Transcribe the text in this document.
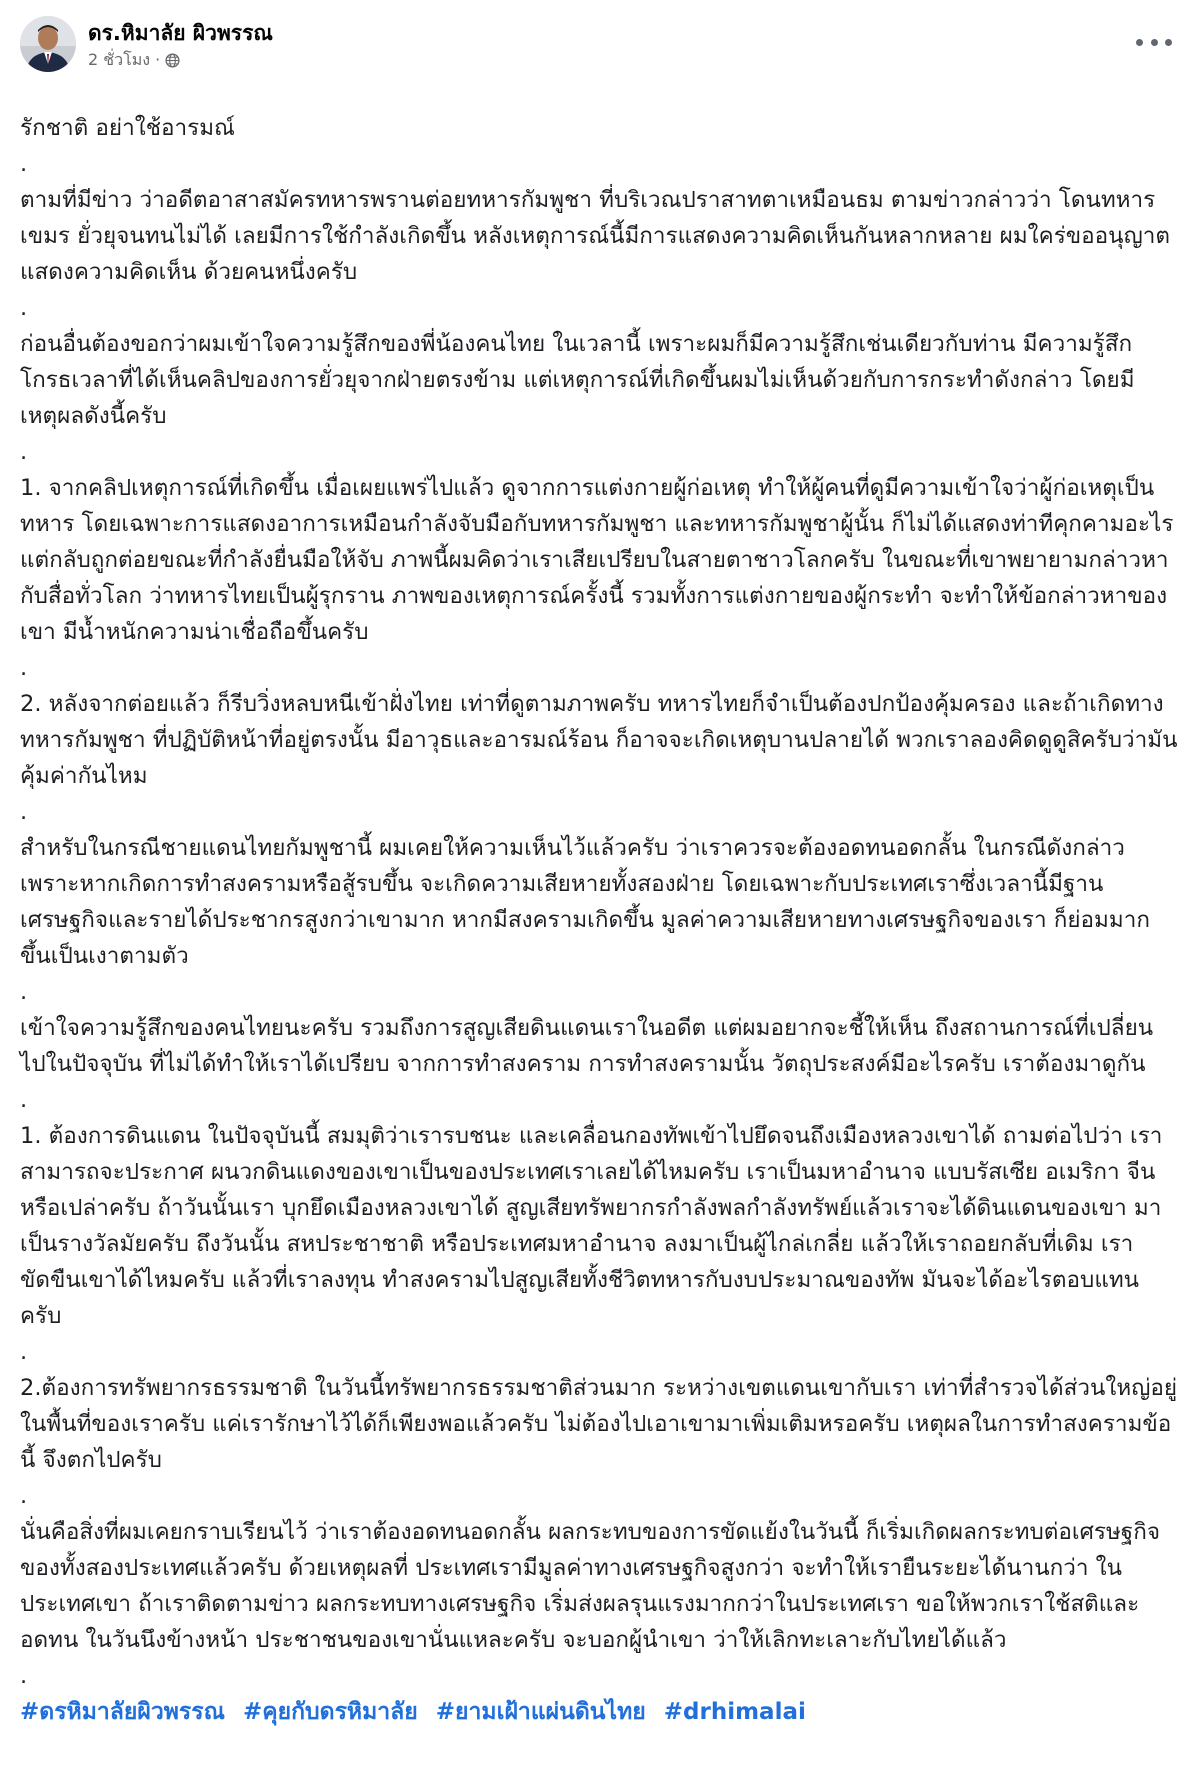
ดร.หิมาลัย ผิวพรรณ
2 ชั่วโมง ·

รักชาติ อย่าใช้อารมณ์

.

ตามที่มีข่าว ว่าอดีตอาสาสมัครทหารพรานต่อยทหารกัมพูชา ที่บริเวณปราสาทตาเหมือนธม ตามข่าวกล่าวว่า โดนทหารเขมร ยั่วยุจนทนไม่ได้ เลยมีการใช้กำลังเกิดขึ้น หลังเหตุการณ์นี้มีการแสดงความคิดเห็นกันหลากหลาย ผมใคร่ขออนุญาตแสดงความคิดเห็น ด้วยคนหนึ่งครับ

.

ก่อนอื่นต้องขอกว่าผมเข้าใจความรู้สึกของพี่น้องคนไทย ในเวลานี้ เพราะผมก็มีความรู้สึกเช่นเดียวกับท่าน มีความรู้สึกโกรธเวลาที่ได้เห็นคลิปของการยั่วยุจากฝ่ายตรงข้าม แต่เหตุการณ์ที่เกิดขึ้นผมไม่เห็นด้วยกับการกระทำดังกล่าว โดยมีเหตุผลดังนี้ครับ

.

1. จากคลิปเหตุการณ์ที่เกิดขึ้น เมื่อเผยแพร่ไปแล้ว ดูจากการแต่งกายผู้ก่อเหตุ ทำให้ผู้คนที่ดูมีความเข้าใจว่าผู้ก่อเหตุเป็นทหาร โดยเฉพาะการแสดงอาการเหมือนกำลังจับมือกับทหารกัมพูชา และทหารกัมพูชาผู้นั้น ก็ไม่ได้แสดงท่าทีคุกคามอะไร แต่กลับถูกต่อยขณะที่กำลังยื่นมือให้จับ ภาพนี้ผมคิดว่าเราเสียเปรียบในสายตาชาวโลกครับ ในขณะที่เขาพยายามกล่าวหากับสื่อทั่วโลก ว่าทหารไทยเป็นผู้รุกราน ภาพของเหตุการณ์ครั้งนี้ รวมทั้งการแต่งกายของผู้กระทำ จะทำให้ข้อกล่าวหาของเขา มีน้ำหนักความน่าเชื่อถือขึ้นครับ

.

2. หลังจากต่อยแล้ว ก็รีบวิ่งหลบหนีเข้าฝั่งไทย เท่าที่ดูตามภาพครับ ทหารไทยก็จำเป็นต้องปกป้องคุ้มครอง และถ้าเกิดทางทหารกัมพูชา ที่ปฏิบัติหน้าที่อยู่ตรงนั้น มีอาวุธและอารมณ์ร้อน ก็อาจจะเกิดเหตุบานปลายได้ พวกเราลองคิดดูดูสิครับว่ามันคุ้มค่ากันไหม

.

สำหรับในกรณีชายแดนไทยกัมพูชานี้ ผมเคยให้ความเห็นไว้แล้วครับ ว่าเราควรจะต้องอดทนอดกลั้น ในกรณีดังกล่าว เพราะหากเกิดการทำสงครามหรือสู้รบขึ้น จะเกิดความเสียหายทั้งสองฝ่าย โดยเฉพาะกับประเทศเราซึ่งเวลานี้มีฐานเศรษฐกิจและรายได้ประชากรสูงกว่าเขามาก หากมีสงครามเกิดขึ้น มูลค่าความเสียหายทางเศรษฐกิจของเรา ก็ย่อมมากขึ้นเป็นเงาตามตัว

.

เข้าใจความรู้สึกของคนไทยนะครับ รวมถึงการสูญเสียดินแดนเราในอดีต แต่ผมอยากจะชี้ให้เห็น ถึงสถานการณ์ที่เปลี่ยนไปในปัจจุบัน ที่ไม่ได้ทำให้เราได้เปรียบ จากการทำสงคราม การทำสงครามนั้น วัตถุประสงค์มีอะไรครับ เราต้องมาดูกัน

.

1. ต้องการดินแดน ในปัจจุบันนี้ สมมุติว่าเรารบชนะ และเคลื่อนกองทัพเข้าไปยึดจนถึงเมืองหลวงเขาได้ ถามต่อไปว่า เราสามารถจะประกาศ ผนวกดินแดงของเขาเป็นของประเทศเราเลยได้ไหมครับ เราเป็นมหาอำนาจ แบบรัสเซีย อเมริกา จีน หรือเปล่าครับ ถ้าวันนั้นเรา บุกยึดเมืองหลวงเขาได้ สูญเสียทรัพยากรกำลังพลกำลังทรัพย์แล้วเราจะได้ดินแดนของเขา มาเป็นรางวัลมัยครับ ถึงวันนั้น สหประชาชาติ หรือประเทศมหาอำนาจ ลงมาเป็นผู้ไกล่เกลี่ย แล้วให้เราถอยกลับที่เดิม เราขัดขืนเขาได้ไหมครับ แล้วที่เราลงทุน ทำสงครามไปสูญเสียทั้งชีวิตทหารกับงบประมาณของทัพ มันจะได้อะไรตอบแทนครับ

.

2.ต้องการทรัพยากรธรรมชาติ ในวันนี้ทรัพยากรธรรมชาติส่วนมาก ระหว่างเขตแดนเขากับเรา เท่าที่สำรวจได้ส่วนใหญ่อยู่ในพื้นที่ของเราครับ แค่เรารักษาไว้ได้ก็เพียงพอแล้วครับ ไม่ต้องไปเอาเขามาเพิ่มเติมหรอครับ เหตุผลในการทำสงครามข้อนี้ จึงตกไปครับ

.

นั่นคือสิ่งที่ผมเคยกราบเรียนไว้ ว่าเราต้องอดทนอดกลั้น ผลกระทบของการขัดแย้งในวันนี้ ก็เริ่มเกิดผลกระทบต่อเศรษฐกิจ ของทั้งสองประเทศแล้วครับ ด้วยเหตุผลที่ ประเทศเรามีมูลค่าทางเศรษฐกิจสูงกว่า จะทำให้เรายืนระยะได้นานกว่า ในประเทศเขา ถ้าเราติดตามข่าว ผลกระทบทางเศรษฐกิจ เริ่มส่งผลรุนแรงมากกว่าในประเทศเรา ขอให้พวกเราใช้สติและอดทน ในวันนึงข้างหน้า ประชาชนของเขานั่นแหละครับ จะบอกผู้นำเขา ว่าให้เลิกทะเลาะกับไทยได้แล้ว

.

#ดรหิมาลัยผิวพรรณ #คุยกับดรหิมาลัย #ยามเฝ้าแผ่นดินไทย #drhimalai
